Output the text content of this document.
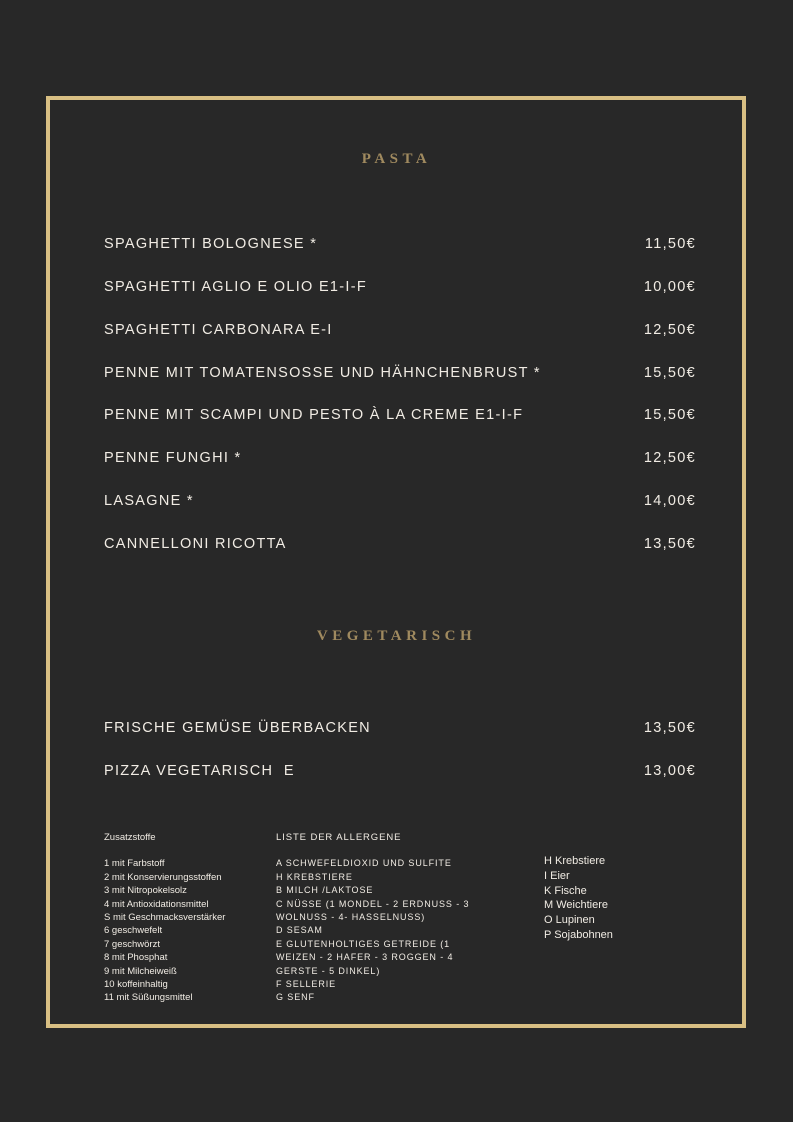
PASTA
SPAGHETTI BOLOGNESE *	11,50€
SPAGHETTI AGLIO E OLIO E1-I-F	10,00€
SPAGHETTI CARBONARA E-I	12,50€
PENNE MIT TOMATENSOSSE UND HÄHNCHENBRUST *	15,50€
PENNE MIT SCAMPI UND PESTO À LA CREME E1-I-F	15,50€
PENNE FUNGHI *	12,50€
LASAGNE *	14,00€
CANNELLONI RICOTTA	13,50€
VEGETARISCH
FRISCHE GEMÜSE ÜBERBACKEN	13,50€
PIZZA VEGETARISCH  E	13,00€
Zusatzstoffe
1 mit Farbstoff
2 mit Konservierungsstoffen
3 mit Nitropokelsolz
4 mit Antioxidationsmittel
S mit Geschmacksverstärker
6 geschwefelt
7 geschwörzt
8 mit Phosphat
9 mit Milcheiweiß
10 koffeinhaltig
11 mit Süßungsmittel
LISTE DER ALLERGENE
A SCHWEFELDIOXID UND SULFITE
H KREBSTIERE
B MILCH /LAKTOSE
C NÜSSE (1 MONDEL - 2 ERDNUSS - 3
WOLNUSS - 4- HASSELNUSS)
D SESAM
E GLUTENHOLTIGES GETREIDE (1
WEIZEN - 2 HAFER - 3 ROGGEN - 4
GERSTE - 5 DINKEL)
F SELLERIE
G SENF
H Krebstiere
I Eier
K Fische
M Weichtiere
O Lupinen
P Sojabohnen
